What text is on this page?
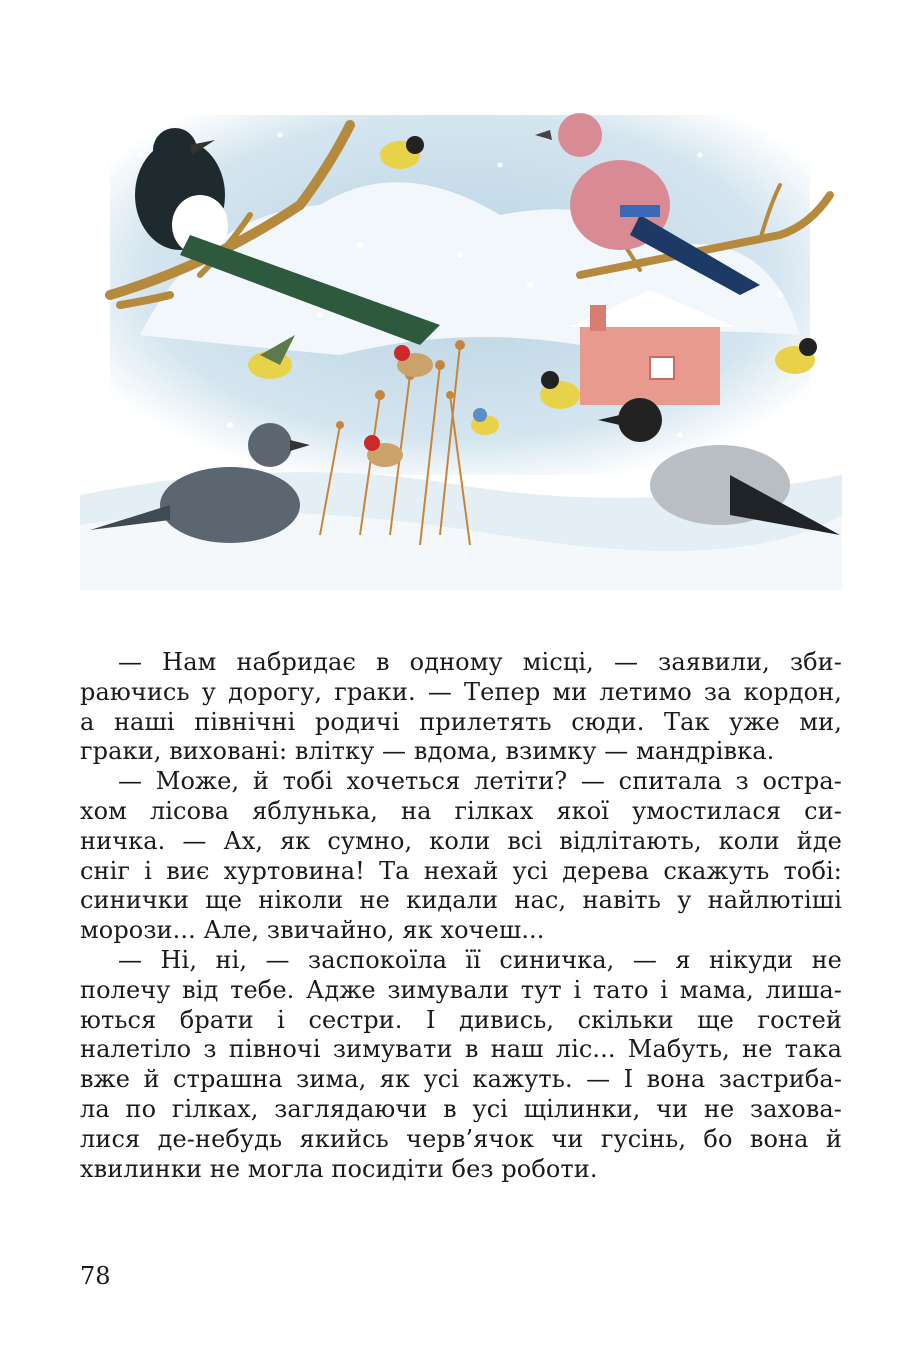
— Нам набридає в одному місці, — заявили, зби-
раючись у дорогу, граки. — Тепер ми летимо за кордон,
а наші північні родичі прилетять сюди. Так уже ми,
граки, виховані: влітку — вдома, взимку — мандрівка.
— Може, й тобі хочеться летіти? — спитала з остра-
хом лісова яблунька, на гілках якої умостилася си-
ничка. — Ах, як сумно, коли всі відлітають, коли йде
сніг і виє хуртовина! Та нехай усі дерева скажуть тобі:
синички ще ніколи не кидали нас, навіть у найлютіші
морози... Але, звичайно, як хочеш...
— Ні, ні, — заспокоїла її синичка, — я нікуди не
полечу від тебе. Адже зимували тут і тато і мама, лиша-
ються брати і сестри. І дивись, скільки ще гостей
налетіло з півночі зимувати в наш ліс... Мабуть, не така
вже й страшна зима, як усі кажуть. — І вона застриба-
ла по гілках, заглядаючи в усі щілинки, чи не захова-
лися де-небудь якийсь черв’ячок чи гусінь, бо вона й
хвилинки не могла посидіти без роботи.
78
